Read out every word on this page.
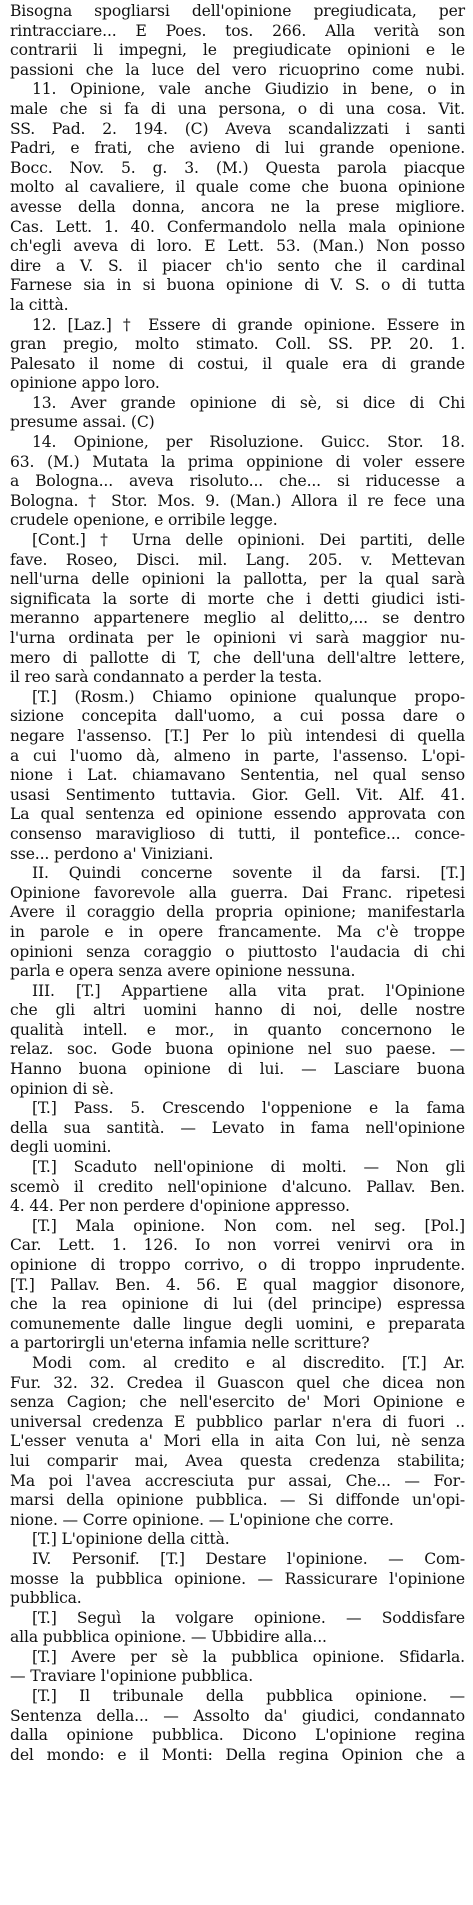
Bisogna spogliarsi dell'opinione pregiudicata, per
rintracciare... E Poes. tos. 266. Alla verità son
contrarii li impegni, le pregiudicate opinioni e le
passioni che la luce del vero ricuoprino come nubi.
11. Opinione, vale anche Giudizio in bene, o in
male che si fa di una persona, o di una cosa. Vit.
SS. Pad. 2. 194. (C) Aveva scandalizzati i santi
Padri, e frati, che avieno di lui grande openione.
Bocc. Nov. 5. g. 3. (M.) Questa parola piacque
molto al cavaliere, il quale come che buona opinione
avesse della donna, ancora ne la prese migliore.
Cas. Lett. 1. 40. Confermandolo nella mala opinione
ch'egli aveva di loro. E Lett. 53. (Man.) Non posso
dire a V. S. il piacer ch'io sento che il cardinal
Farnese sia in si buona opinione di V. S. o di tutta
la città.
12. [Laz.] † Essere di grande opinione. Essere in
gran pregio, molto stimato. Coll. SS. PP. 20. 1.
Palesato il nome di costui, il quale era di grande
opinione appo loro.
13. Aver grande opinione di sè, si dice di Chi
presume assai. (C)
14. Opinione, per Risoluzione. Guicc. Stor. 18.
63. (M.) Mutata la prima oppinione di voler essere
a Bologna... aveva risoluto... che... si riducesse a
Bologna. † Stor. Mos. 9. (Man.) Allora il re fece una
crudele openione, e orribile legge.
[Cont.] † Urna delle opinioni. Dei partiti, delle
fave. Roseo, Disci. mil. Lang. 205. v. Mettevan
nell'urna delle opinioni la pallotta, per la qual sarà
significata la sorte di morte che i detti giudici isti-
meranno appartenere meglio al delitto,... se dentro
l'urna ordinata per le opinioni vi sarà maggior nu-
mero di pallotte di T, che dell'una dell'altre lettere,
il reo sarà condannato a perder la testa.
[T.] (Rosm.) Chiamo opinione qualunque propo-
sizione concepita dall'uomo, a cui possa dare o
negare l'assenso. [T.] Per lo più intendesi di quella
a cui l'uomo dà, almeno in parte, l'assenso. L'opi-
nione i Lat. chiamavano Sententia, nel qual senso
usasi Sentimento tuttavia. Gior. Gell. Vit. Alf. 41.
La qual sentenza ed opinione essendo approvata con
consenso maraviglioso di tutti, il pontefice... conce-
sse... perdono a' Viniziani.
II. Quindi concerne sovente il da farsi. [T.]
Opinione favorevole alla guerra. Dai Franc. ripetesi
Avere il coraggio della propria opinione; manifestarla
in parole e in opere francamente. Ma c'è troppe
opinioni senza coraggio o piuttosto l'audacia di chi
parla e opera senza avere opinione nessuna.
III. [T.] Appartiene alla vita prat. l'Opinione
che gli altri uomini hanno di noi, delle nostre
qualità intell. e mor., in quanto concernono le
relaz. soc. Gode buona opinione nel suo paese. —
Hanno buona opinione di lui. — Lasciare buona
opinion di sè.
[T.] Pass. 5. Crescendo l'oppenione e la fama
della sua santità. — Levato in fama nell'opinione
degli uomini.
[T.] Scaduto nell'opinione di molti. — Non gli
scemò il credito nell'opinione d'alcuno. Pallav. Ben.
4. 44. Per non perdere d'opinione appresso.
[T.] Mala opinione. Non com. nel seg. [Pol.]
Car. Lett. 1. 126. Io non vorrei venirvi ora in
opinione di troppo corrivo, o di troppo inprudente.
[T.] Pallav. Ben. 4. 56. E qual maggior disonore,
che la rea opinione di lui (del principe) espressa
comunemente dalle lingue degli uomini, e preparata
a partorirgli un'eterna infamia nelle scritture?
Modi com. al credito e al discredito. [T.] Ar.
Fur. 32. 32. Credea il Guascon quel che dicea non
senza Cagion; che nell'esercito de' Mori Opinione e
universal credenza E pubblico parlar n'era di fuori ..
L'esser venuta a' Mori ella in aita Con lui, nè senza
lui comparir mai, Avea questa credenza stabilita;
Ma poi l'avea accresciuta pur assai, Che... — For-
marsi della opinione pubblica. — Si diffonde un'opi-
nione. — Corre opinione. — L'opinione che corre.
[T.] L'opinione della città.
IV. Personif. [T.] Destare l'opinione. — Com-
mosse la pubblica opinione. — Rassicurare l'opinione
pubblica.
[T.] Seguì la volgare opinione. — Soddisfare
alla pubblica opinione. — Ubbidire alla...
[T.] Avere per sè la pubblica opinione. Sfidarla.
— Traviare l'opinione pubblica.
[T.] Il tribunale della pubblica opinione. —
Sentenza della... — Assolto da' giudici, condannato
dalla opinione pubblica. Dicono L'opinione regina
del mondo: e il Monti: Della regina Opinion che a
